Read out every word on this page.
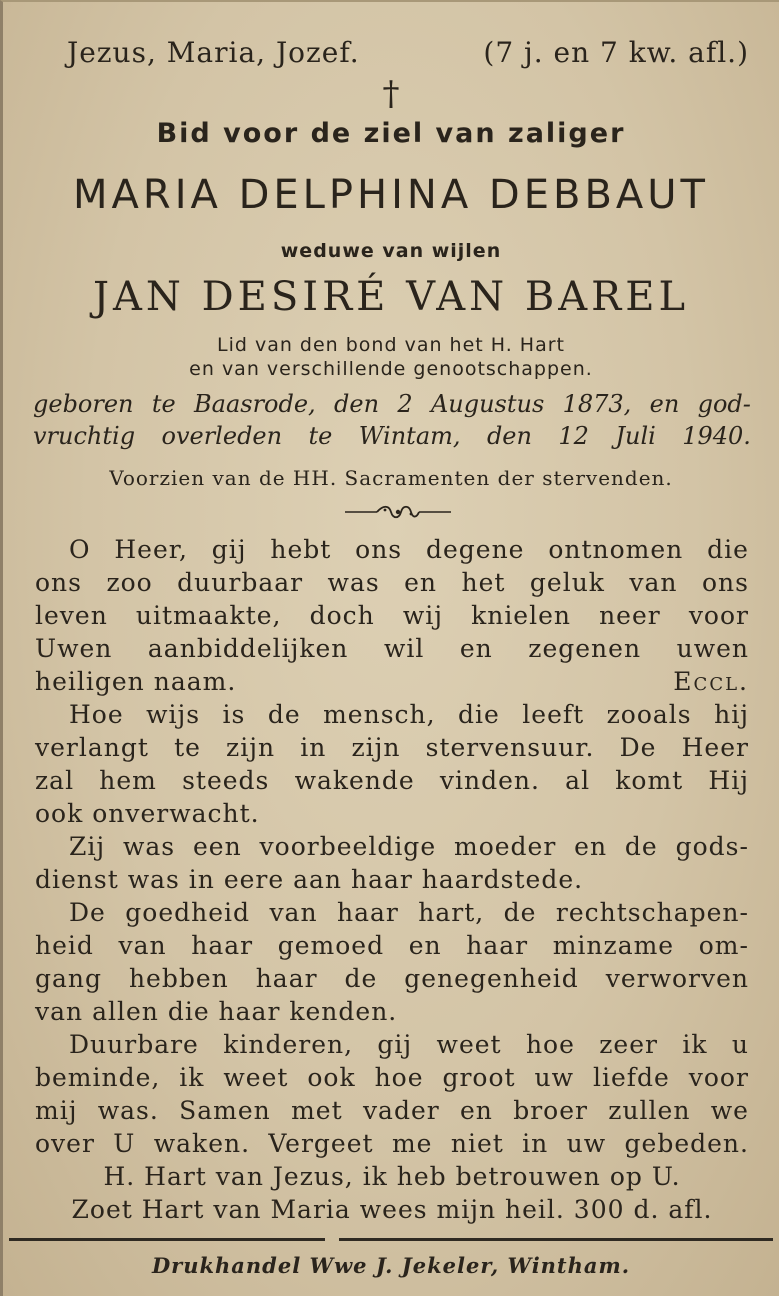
Jezus, Maria, Jozef.	(7 j. en 7 kw. afl.)
†
Bid voor de ziel van zaliger
MARIA DELPHINA DEBBAUT
weduwe van wijlen
JAN DESIRÉ VAN BAREL
Lid van den bond van het H. Hart
en van verschillende genootschappen.
geboren te Baasrode, den 2 Augustus 1873, en god-
vruchtig overleden te Wintam, den 12 Juli 1940.
Voorzien van de HH. Sacramenten der stervenden.
O Heer, gij hebt ons degene ontnomen die
ons zoo duurbaar was en het geluk van ons
leven uitmaakte, doch wij knielen neer voor
Uwen aanbiddelijken wil en zegenen uwen
heiligen naam.	Eccl.
Hoe wijs is de mensch, die leeft zooals hij
verlangt te zijn in zijn stervensuur. De Heer
zal hem steeds wakende vinden. al komt Hij
ook onverwacht.
Zij was een voorbeeldige moeder en de gods-
dienst was in eere aan haar haardstede.
De goedheid van haar hart, de rechtschapen-
heid van haar gemoed en haar minzame om-
gang hebben haar de genegenheid verworven
van allen die haar kenden.
Duurbare kinderen, gij weet hoe zeer ik u
beminde, ik weet ook hoe groot uw liefde voor
mij was. Samen met vader en broer zullen we
over U waken. Vergeet me niet in uw gebeden.
H. Hart van Jezus, ik heb betrouwen op U.
Zoet Hart van Maria wees mijn heil. 300 d. afl.
Drukhandel Wwe J. Jekeler, Wintham.
